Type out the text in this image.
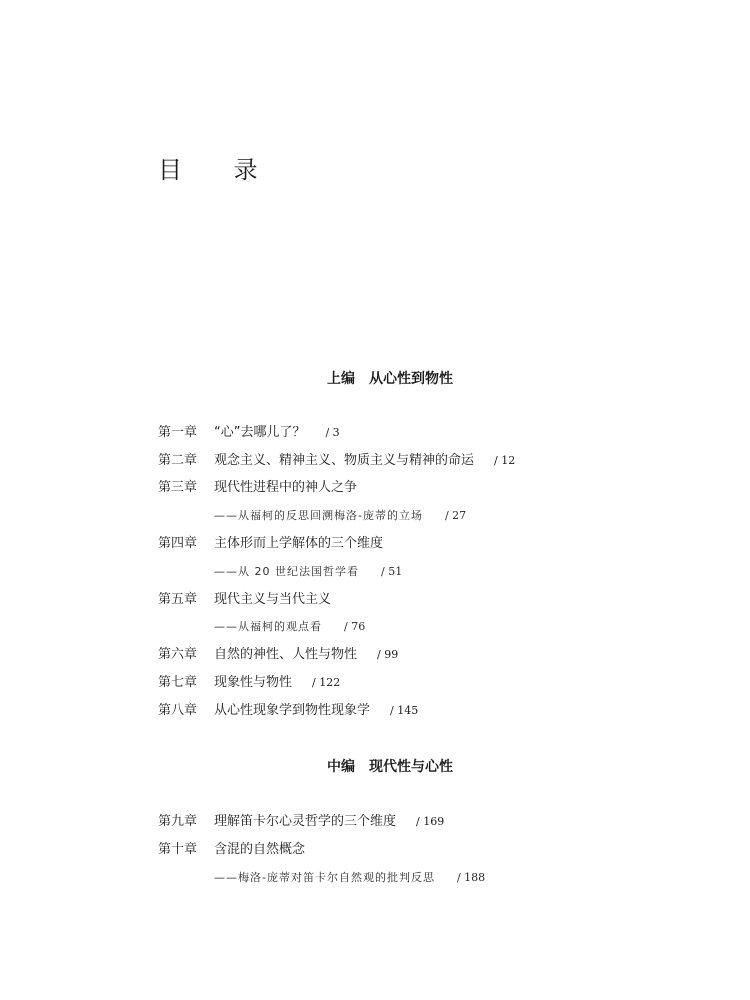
目 录
上编　从心性到物性
第一章 “心”去哪儿了？ / 3
第二章 观念主义、精神主义、物质主义与精神的命运 / 12
第三章 现代性进程中的神人之争
——从福柯的反思回溯梅洛-庞蒂的立场 / 27
第四章 主体形而上学解体的三个维度
——从 20 世纪法国哲学看 / 51
第五章 现代主义与当代主义
——从福柯的观点看 / 76
第六章 自然的神性、人性与物性 / 99
第七章 现象性与物性 / 122
第八章 从心性现象学到物性现象学 / 145
中编　现代性与心性
第九章 理解笛卡尔心灵哲学的三个维度 / 169
第十章 含混的自然概念
——梅洛-庞蒂对笛卡尔自然观的批判反思 / 188
